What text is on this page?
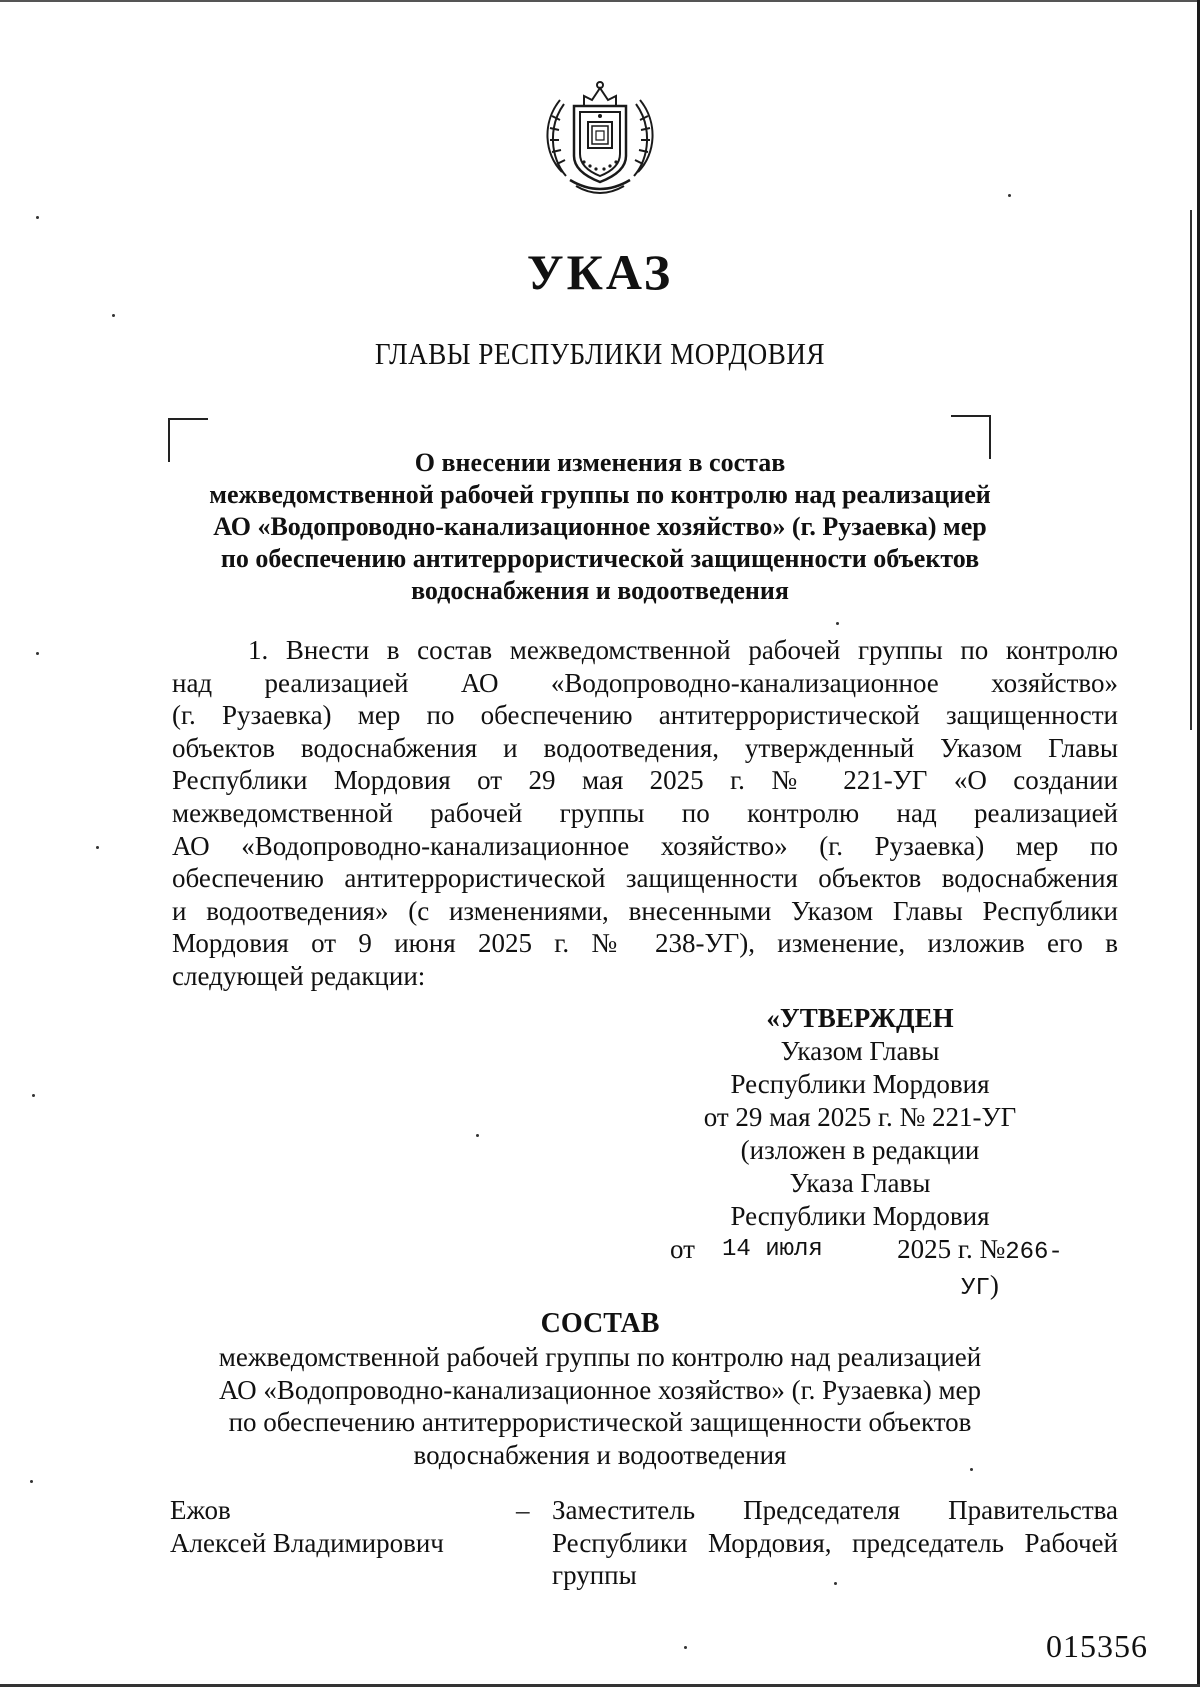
УКАЗ
ГЛАВЫ РЕСПУБЛИКИ МОРДОВИЯ
О внесении изменения в состав
межведомственной рабочей группы по контролю над реализацией
АО «Водопроводно-канализационное хозяйство» (г. Рузаевка) мер
по обеспечению антитеррористической защищенности объектов
водоснабжения и водоотведения
1. Внести в состав межведомственной рабочей группы по контролю
над реализацией АО «Водопроводно-канализационное хозяйство»
(г. Рузаевка) мер по обеспечению антитеррористической защищенности
объектов водоснабжения и водоотведения, утвержденный Указом Главы
Республики Мордовия от 29 мая 2025 г. № 221-УГ «О создании
межведомственной рабочей группы по контролю над реализацией
АО «Водопроводно-канализационное хозяйство» (г. Рузаевка) мер по
обеспечению антитеррористической защищенности объектов водоснабжения
и водоотведения» (с изменениями, внесенными Указом Главы Республики
Мордовия от 9 июня 2025 г. № 238-УГ), изменение, изложив его в
следующей редакции:
«УТВЕРЖДЕН
Указом Главы
Республики Мордовия
от 29 мая 2025 г. № 221-УГ
(изложен в редакции
Указа Главы
Республики Мордовия
от 14 июля	2025 г. №266-УГ)
СОСТАВ
межведомственной рабочей группы по контролю над реализацией
АО «Водопроводно-канализационное хозяйство» (г. Рузаевка) мер
по обеспечению антитеррористической защищенности объектов
водоснабжения и водоотведения
Ежов
Алексей Владимирович
– Заместитель Председателя Правительства
Республики Мордовия, председатель Рабочей
группы
015356
